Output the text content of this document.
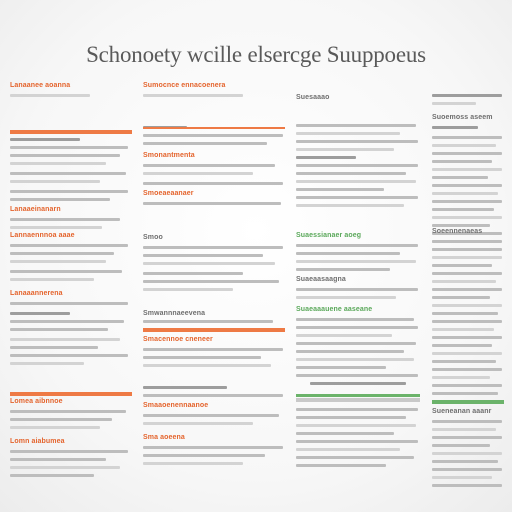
Schonoety wcille elsercge Suuppoeus
Lanaanee aoanna
Lanaaeinanarn
Lannaennnoa aaae
Lanaaannerena
Lomea aibnnoe
Lomn aiabumea
Sumocnce ennacoenera
Smonantmenta
Smoeaeaanaer
Smoo
Smwannnaeevena
Smacennoe cneneer
Smaaoenennaanoe
Sma aoeena
Suesaaao
Suaessianaer aoeg
Suaeaasaagna
Suaeaaauene aaseane
Suoemoss aseem
Soeennenaeas
Sueneanan aaanr
